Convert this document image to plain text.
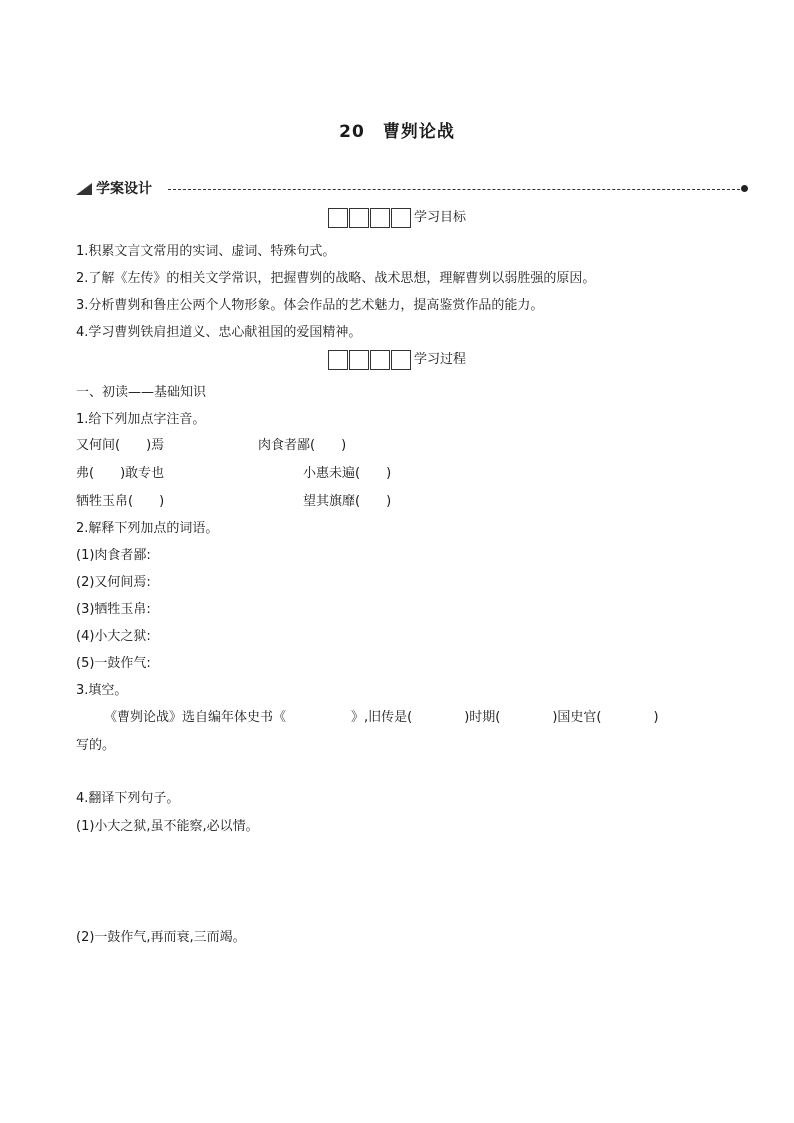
20 曹刿论战
学案设计
学习目标
1.积累文言文常用的实词、虚词、特殊句式。
2.了解《左传》的相关文学常识，把握曹刿的战略、战术思想，理解曹刿以弱胜强的原因。
3.分析曹刿和鲁庄公两个人物形象。体会作品的艺术魅力，提高鉴赏作品的能力。
4.学习曹刿铁肩担道义、忠心献祖国的爱国精神。
学习过程
一、初读——基础知识
1.给下列加点字注音。
又何间(　　)焉	肉食者鄙(　　)
弗(　　)敢专也	小惠未遍(　　)
牺牲玉帛(　　)	望其旗靡(　　)
2.解释下列加点的词语。
(1)肉食者鄙:
(2)又何间焉:
(3)牺牲玉帛:
(4)小大之狱:
(5)一鼓作气:
3.填空。
《曹刿论战》选自编年体史书《　　　　　》,旧传是(　　　　)时期(　　　　)国史官(　　　　)
写的。
4.翻译下列句子。
(1)小大之狱,虽不能察,必以情。
(2)一鼓作气,再而衰,三而竭。
